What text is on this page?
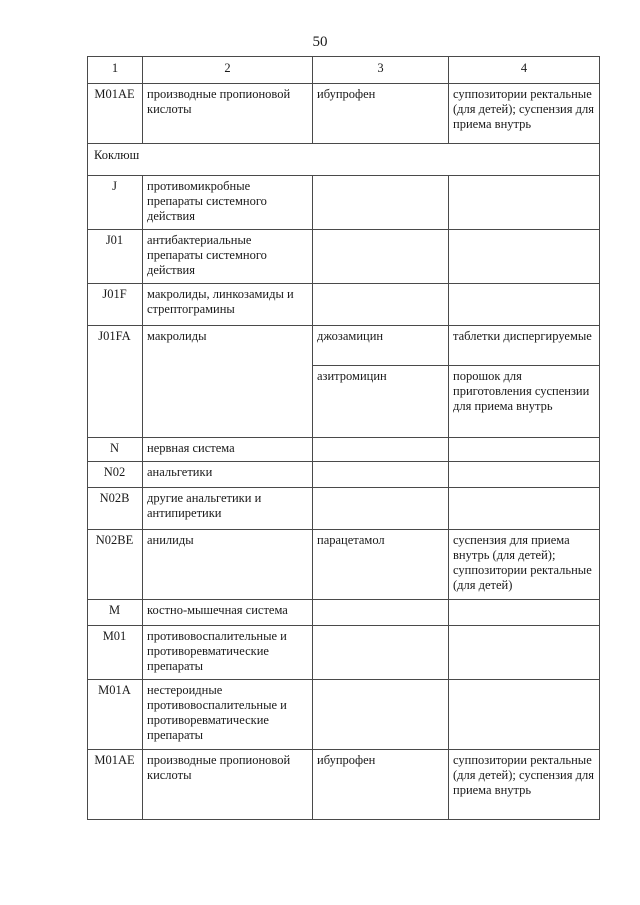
50
1	2	3	4
M01AE	производные пропионовой кислоты	ибупрофен	суппозитории ректальные (для детей); суспензия для приема внутрь
Коклюш			
J	противомикробные препараты системного действия		
J01	антибактериальные препараты системного действия		
J01F	макролиды, линкозамиды и стрептограмины		
J01FA	макролиды	джозамицин	таблетки диспергируемые
		азитромицин	порошок для приготовления суспензии для приема внутрь
N	нервная система		
N02	анальгетики		
N02B	другие анальгетики и антипиретики		
N02BE	анилиды	парацетамол	суспензия для приема внутрь (для детей); суппозитории ректальные (для детей)
M	костно-мышечная система		
M01	противовоспалительные и противоревматические препараты		
M01A	нестероидные противовоспалительные и противоревматические препараты		
M01AE	производные пропионовой кислоты	ибупрофен	суппозитории ректальные (для детей); суспензия для приема внутрь
